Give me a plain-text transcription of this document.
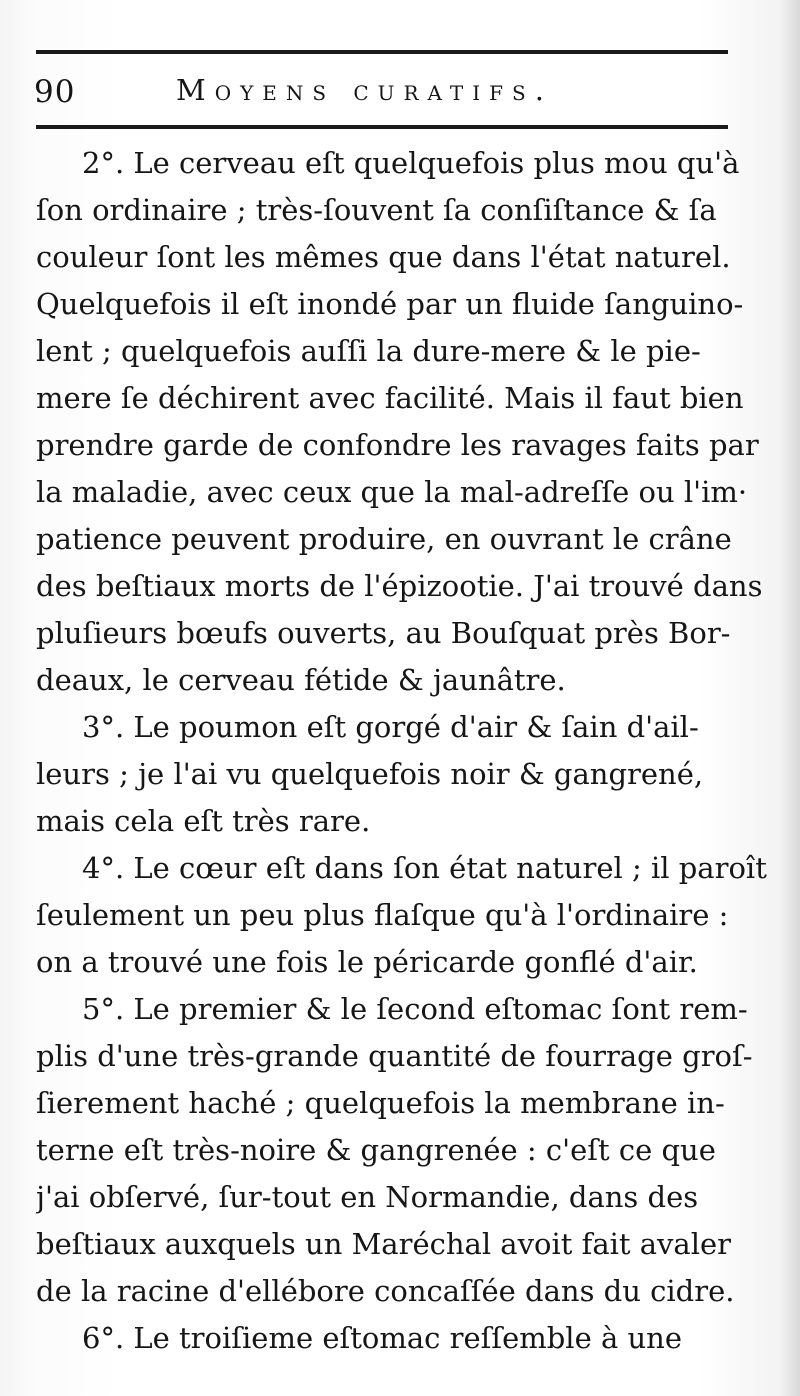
90	Moyens curatifs.
2°. Le cerveau eſt quelquefois plus mou qu'à
ſon ordinaire ; très-ſouvent ſa conſiſtance & ſa
couleur ſont les mêmes que dans l'état naturel.
Quelquefois il eſt inondé par un fluide ſanguino-
lent ; quelquefois auſſi la dure-mere & le pie-
mere ſe déchirent avec facilité. Mais il faut bien
prendre garde de confondre les ravages faits par
la maladie, avec ceux que la mal-adreſſe ou l'im·
patience peuvent produire, en ouvrant le crâne
des beſtiaux morts de l'épizootie. J'ai trouvé dans
pluſieurs bœufs ouverts, au Bouſquat près Bor-
deaux, le cerveau fétide & jaunâtre.
3°. Le poumon eſt gorgé d'air & ſain d'ail-
leurs ; je l'ai vu quelquefois noir & gangrené,
mais cela eſt très rare.
4°. Le cœur eſt dans ſon état naturel ; il paroît
ſeulement un peu plus flaſque qu'à l'ordinaire :
on a trouvé une fois le péricarde gonflé d'air.
5°. Le premier & le ſecond eſtomac ſont rem-
plis d'une très-grande quantité de fourrage groſ-
ſierement haché ; quelquefois la membrane in-
terne eſt très-noire & gangrenée : c'eſt ce que
j'ai obſervé, ſur-tout en Normandie, dans des
beſtiaux auxquels un Maréchal avoit fait avaler
de la racine d'ellébore concaſſée dans du cidre.
6°. Le troiſieme eſtomac reſſemble à une
